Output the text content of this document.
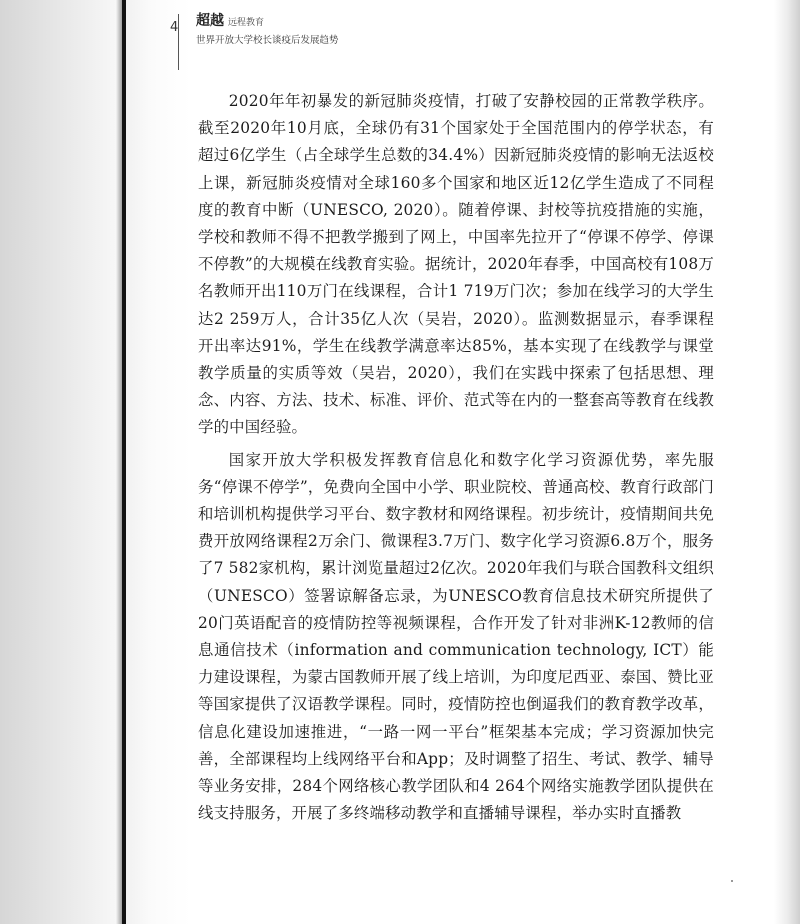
4 超越 远程教育
世界开放大学校长谈疫后发展趋势

2020年年初暴发的新冠肺炎疫情，打破了安静校园的正常教学秩序。截至2020年10月底，全球仍有31个国家处于全国范围内的停学状态，有超过6亿学生（占全球学生总数的34.4%）因新冠肺炎疫情的影响无法返校上课，新冠肺炎疫情对全球160多个国家和地区近12亿学生造成了不同程度的教育中断（UNESCO, 2020）。随着停课、封校等抗疫措施的实施，学校和教师不得不把教学搬到了网上，中国率先拉开了“停课不停学、停课不停教”的大规模在线教育实验。据统计，2020年春季，中国高校有108万名教师开出110万门在线课程，合计1 719万门次；参加在线学习的大学生达2 259万人，合计35亿人次（吴岩，2020）。监测数据显示，春季课程开出率达91%，学生在线教学满意率达85%，基本实现了在线教学与课堂教学质量的实质等效（吴岩，2020），我们在实践中探索了包括思想、理念、内容、方法、技术、标准、评价、范式等在内的一整套高等教育在线教学的中国经验。

国家开放大学积极发挥教育信息化和数字化学习资源优势，率先服务“停课不停学”，免费向全国中小学、职业院校、普通高校、教育行政部门和培训机构提供学习平台、数字教材和网络课程。初步统计，疫情期间共免费开放网络课程2万余门、微课程3.7万门、数字化学习资源6.8万个，服务了7 582家机构，累计浏览量超过2亿次。2020年我们与联合国教科文组织（UNESCO）签署谅解备忘录，为UNESCO教育信息技术研究所提供了20门英语配音的疫情防控等视频课程，合作开发了针对非洲K-12教师的信息通信技术（information and communication technology, ICT）能力建设课程，为蒙古国教师开展了线上培训，为印度尼西亚、泰国、赞比亚等国家提供了汉语教学课程。同时，疫情防控也倒逼我们的教育教学改革，信息化建设加速推进，“一路一网一平台”框架基本完成；学习资源加快完善，全部课程均上线网络平台和App；及时调整了招生、考试、教学、辅导等业务安排，284个网络核心教学团队和4 264个网络实施教学团队提供在线支持服务，开展了多终端移动教学和直播辅导课程，举办实时直播教
